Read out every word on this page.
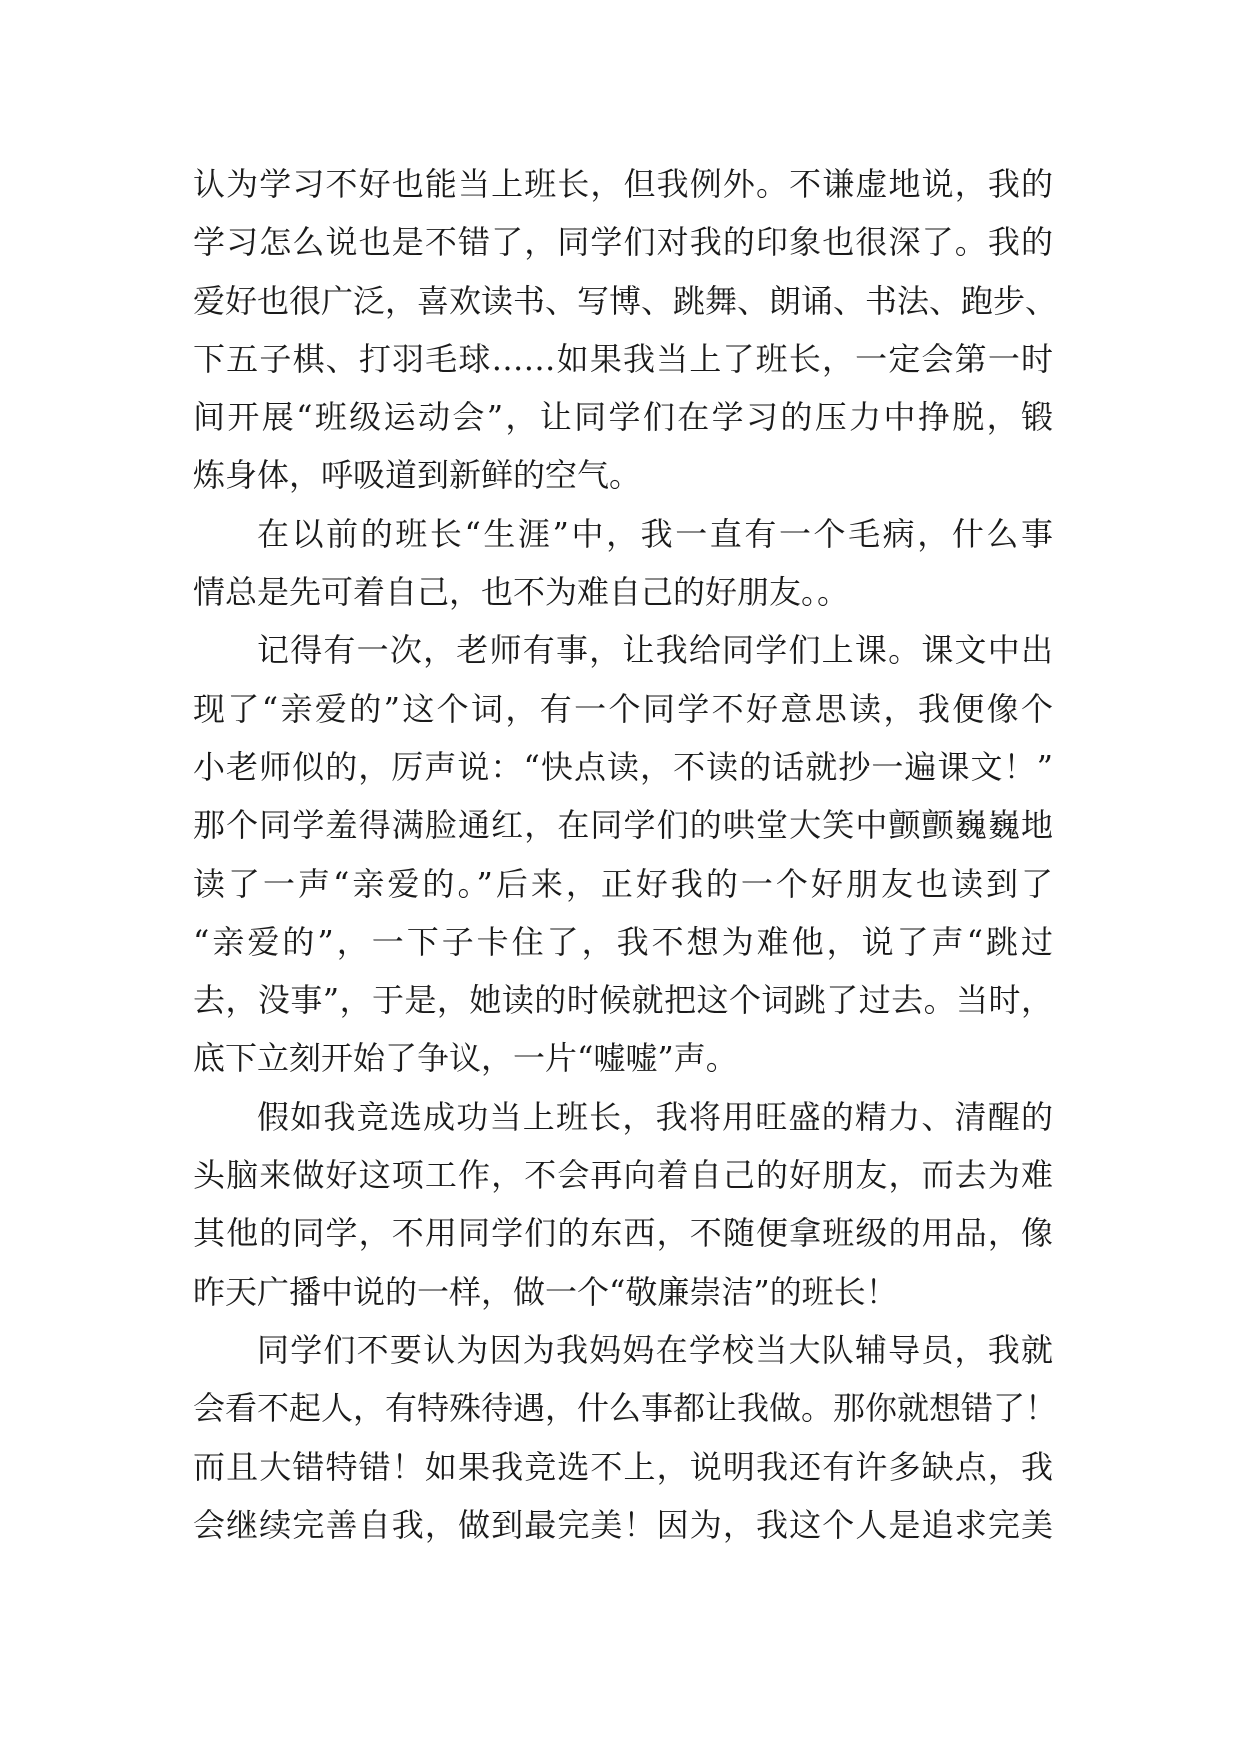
认为学习不好也能当上班长，但我例外。不谦虚地说，我的
学习怎么说也是不错了，同学们对我的印象也很深了。我的
爱好也很广泛，喜欢读书、写博、跳舞、朗诵、书法、跑步、
下五子棋、打羽毛球……如果我当上了班长，一定会第一时
间开展“班级运动会”，让同学们在学习的压力中挣脱，锻
炼身体，呼吸道到新鲜的空气。
在以前的班长“生涯”中，我一直有一个毛病，什么事
情总是先可着自己，也不为难自己的好朋友。。
记得有一次，老师有事，让我给同学们上课。课文中出
现了“亲爱的”这个词，有一个同学不好意思读，我便像个
小老师似的，厉声说：“快点读，不读的话就抄一遍课文！”
那个同学羞得满脸通红，在同学们的哄堂大笑中颤颤巍巍地
读了一声“亲爱的。”后来，正好我的一个好朋友也读到了
“亲爱的”，一下子卡住了，我不想为难他，说了声“跳过
去，没事”，于是，她读的时候就把这个词跳了过去。当时，
底下立刻开始了争议，一片“嘘嘘”声。
假如我竞选成功当上班长，我将用旺盛的精力、清醒的
头脑来做好这项工作，不会再向着自己的好朋友，而去为难
其他的同学，不用同学们的东西，不随便拿班级的用品，像
昨天广播中说的一样，做一个“敬廉崇洁”的班长！
同学们不要认为因为我妈妈在学校当大队辅导员，我就
会看不起人，有特殊待遇，什么事都让我做。那你就想错了！
而且大错特错！如果我竞选不上，说明我还有许多缺点，我
会继续完善自我，做到最完美！因为，我这个人是追求完美
